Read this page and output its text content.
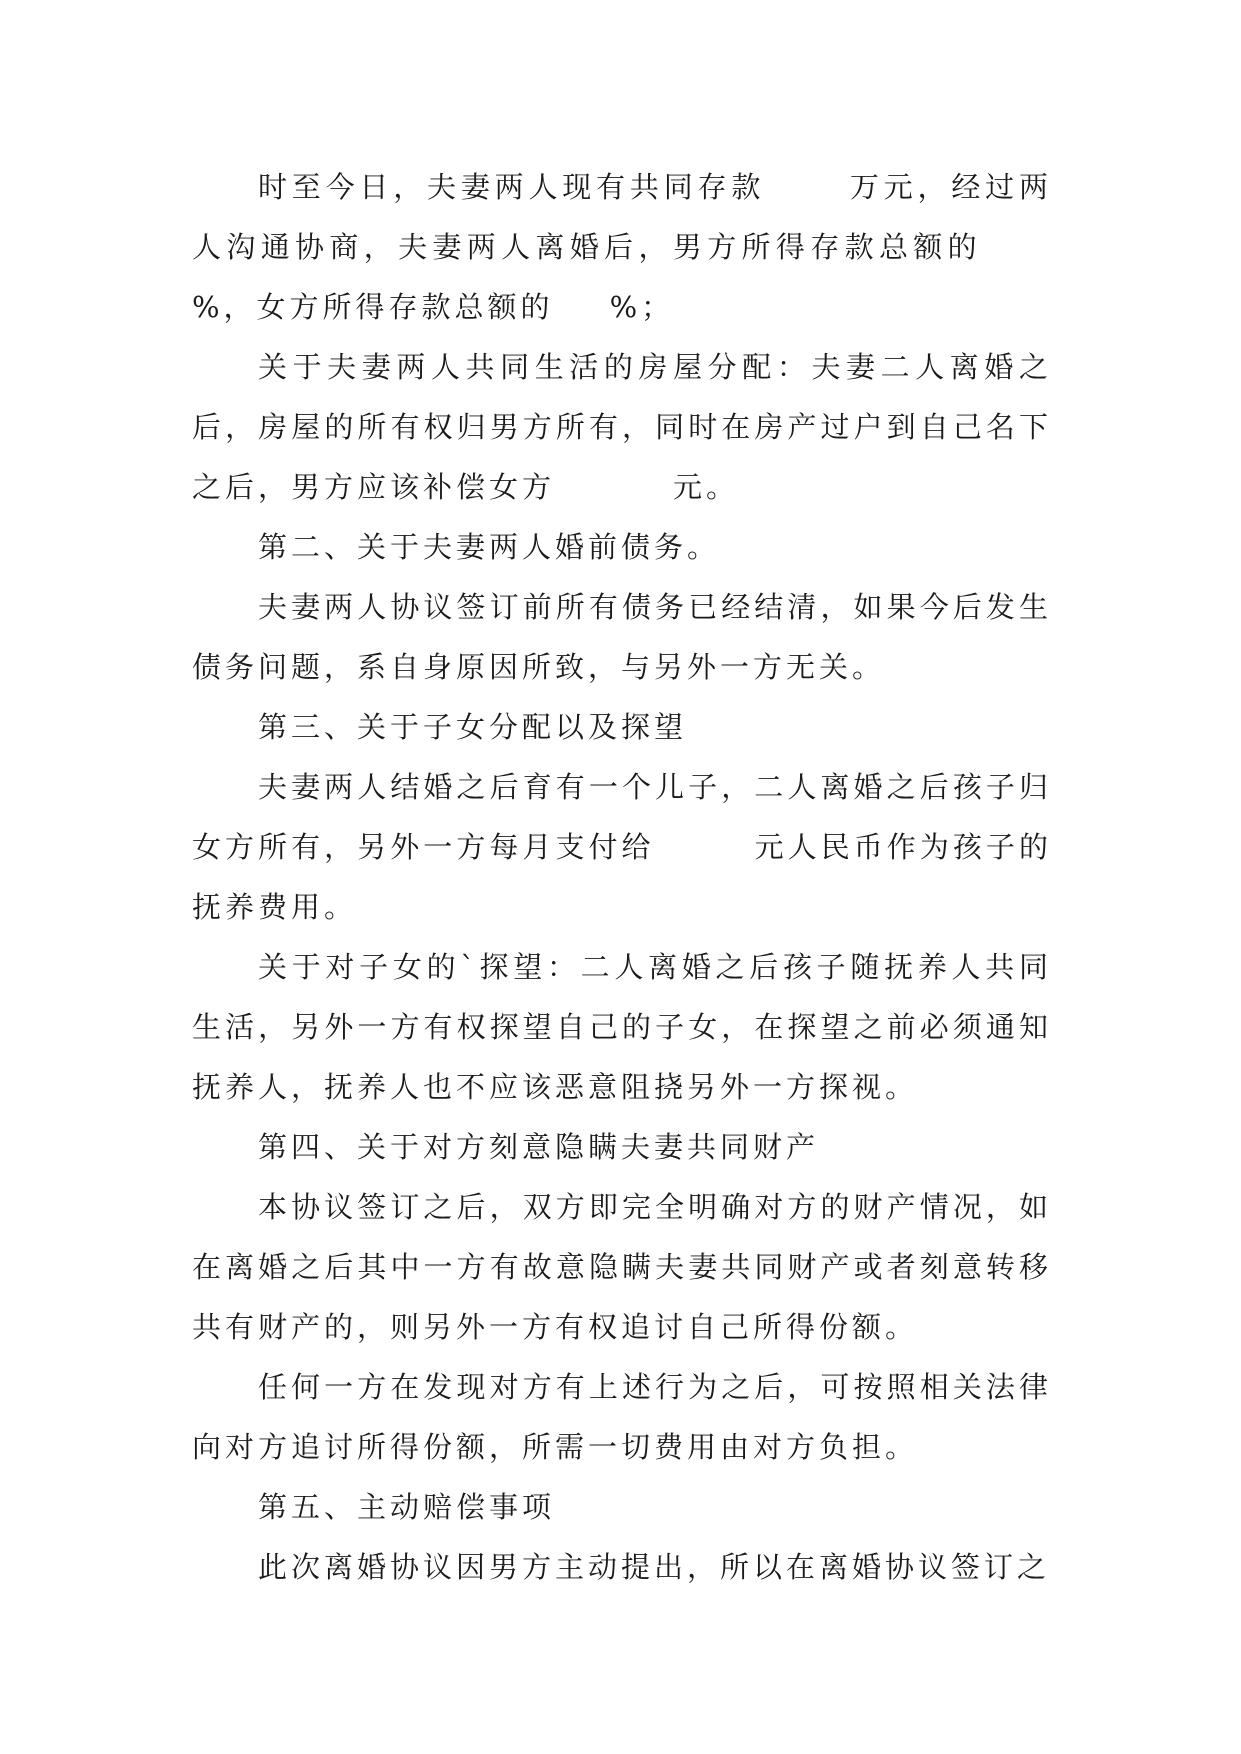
时至今日，夫妻两人现有共同存款	万元，经过两人沟通协商，夫妻两人离婚后，男方所得存款总额的%，女方所得存款总额的 %；

关于夫妻两人共同生活的房屋分配：夫妻二人离婚之后，房屋的所有权归男方所有，同时在房产过户到自己名下之后，男方应该补偿女方	元。

第二、关于夫妻两人婚前债务。

夫妻两人协议签订前所有债务已经结清，如果今后发生债务问题，系自身原因所致，与另外一方无关。

第三、关于子女分配以及探望

夫妻两人结婚之后育有一个儿子，二人离婚之后孩子归女方所有，另外一方每月支付给	元人民币作为孩子的抚养费用。

关于对子女的`探望：二人离婚之后孩子随抚养人共同生活，另外一方有权探望自己的子女，在探望之前必须通知抚养人，抚养人也不应该恶意阻挠另外一方探视。

第四、关于对方刻意隐瞒夫妻共同财产

本协议签订之后，双方即完全明确对方的财产情况，如在离婚之后其中一方有故意隐瞒夫妻共同财产或者刻意转移共有财产的，则另外一方有权追讨自己所得份额。

任何一方在发现对方有上述行为之后，可按照相关法律向对方追讨所得份额，所需一切费用由对方负担。

第五、主动赔偿事项

此次离婚协议因男方主动提出，所以在离婚协议签订之
